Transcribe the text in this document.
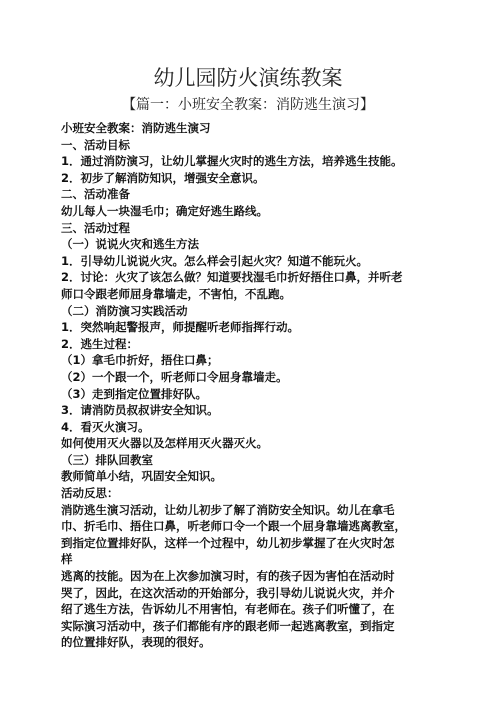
幼儿园防火演练教案
【篇一：小班安全教案：消防逃生演习】
小班安全教案：消防逃生演习
一、活动目标
1．通过消防演习，让幼儿掌握火灾时的逃生方法，培养逃生技能。
2．初步了解消防知识，增强安全意识。
二、活动准备
幼儿每人一块湿毛巾；确定好逃生路线。
三、活动过程
（一）说说火灾和逃生方法
1．引导幼儿说说火灾。怎么样会引起火灾？知道不能玩火。
2．讨论：火灾了该怎么做？知道要找湿毛巾折好捂住口鼻，并听老
师口令跟老师屈身靠墙走，不害怕，不乱跑。
（二）消防演习实践活动
1．突然响起警报声，师提醒听老师指挥行动。
2．逃生过程：
（1）拿毛巾折好，捂住口鼻；
（2）一个跟一个，听老师口令屈身靠墙走。
（3）走到指定位置排好队。
3．请消防员叔叔讲安全知识。
4．看灭火演习。
如何使用灭火器以及怎样用灭火器灭火。
（三）排队回教室
教师简单小结，巩固安全知识。
活动反思：
消防逃生演习活动，让幼儿初步了解了消防安全知识。幼儿在拿毛
巾、折毛巾、捂住口鼻，听老师口令一个跟一个屈身靠墙逃离教室，
到指定位置排好队，这样一个过程中，幼儿初步掌握了在火灾时怎
样
逃离的技能。因为在上次参加演习时，有的孩子因为害怕在活动时
哭了，因此，在这次活动的开始部分，我引导幼儿说说火灾，并介
绍了逃生方法，告诉幼儿不用害怕，有老师在。孩子们听懂了，在
实际演习活动中，孩子们都能有序的跟老师一起逃离教室，到指定
的位置排好队，表现的很好。
